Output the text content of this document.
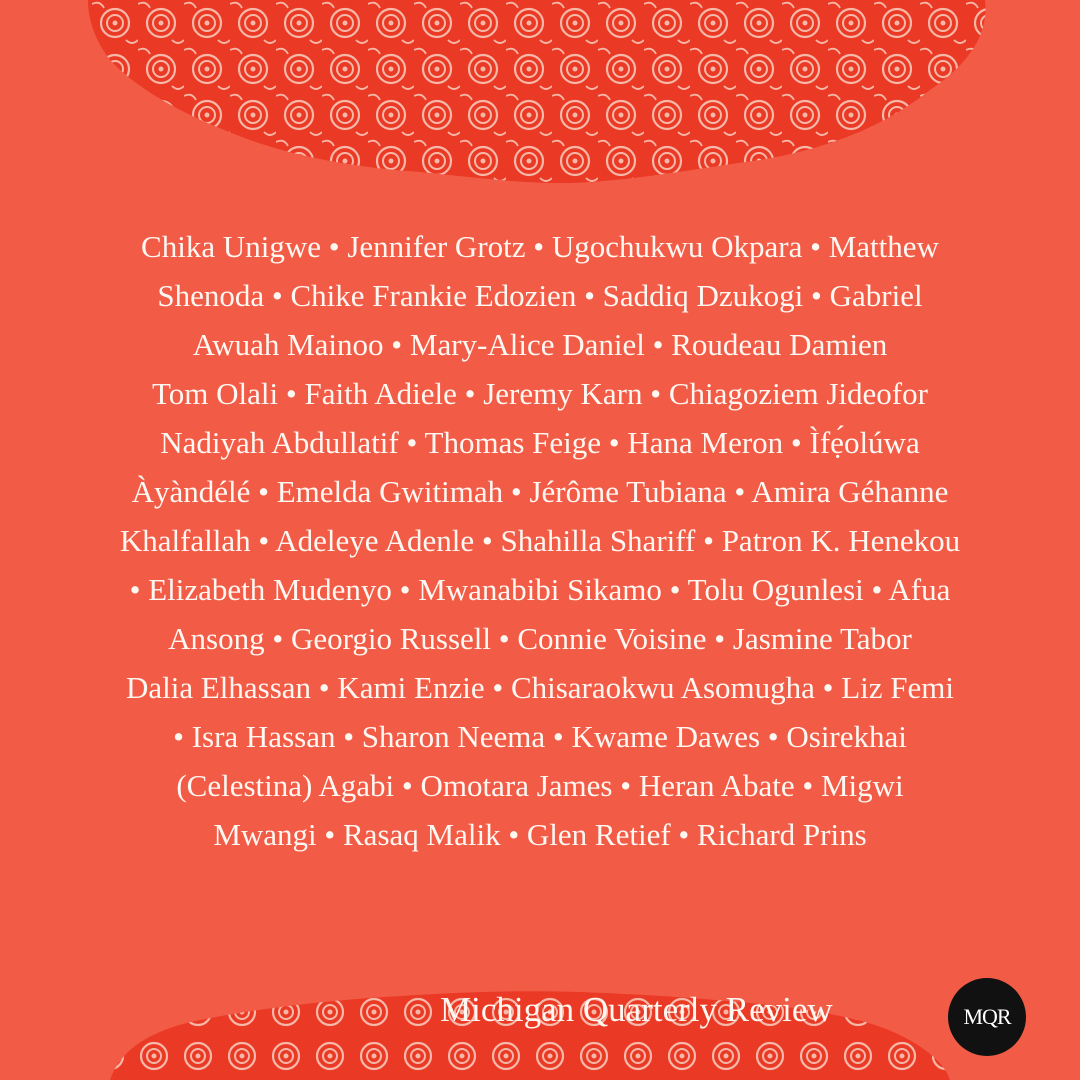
Chika Unigwe • Jennifer Grotz • Ugochukwu Okpara • Matthew
Shenoda • Chike Frankie Edozien • Saddiq Dzukogi • Gabriel
Awuah Mainoo • Mary-Alice Daniel • Roudeau Damien
Tom Olali • Faith Adiele • Jeremy Karn • Chiagoziem Jideofor
Nadiyah Abdullatif • Thomas Feige • Hana Meron • Ìfẹ́olúwa
Àyàndélé • Emelda Gwitimah • Jérôme Tubiana • Amira Géhanne
Khalfallah • Adeleye Adenle • Shahilla Shariff • Patron K. Henekou
• Elizabeth Mudenyo • Mwanabibi Sikamo • Tolu Ogunlesi • Afua
Ansong • Georgio Russell • Connie Voisine • Jasmine Tabor
Dalia Elhassan • Kami Enzie • Chisaraokwu Asomugha • Liz Femi
• Isra Hassan • Sharon Neema • Kwame Dawes • Osirekhai
(Celestina) Agabi • Omotara James • Heran Abate • Migwi
Mwangi • Rasaq Malik • Glen Retief • Richard Prins

Michigan Quarterly Review	MQR
